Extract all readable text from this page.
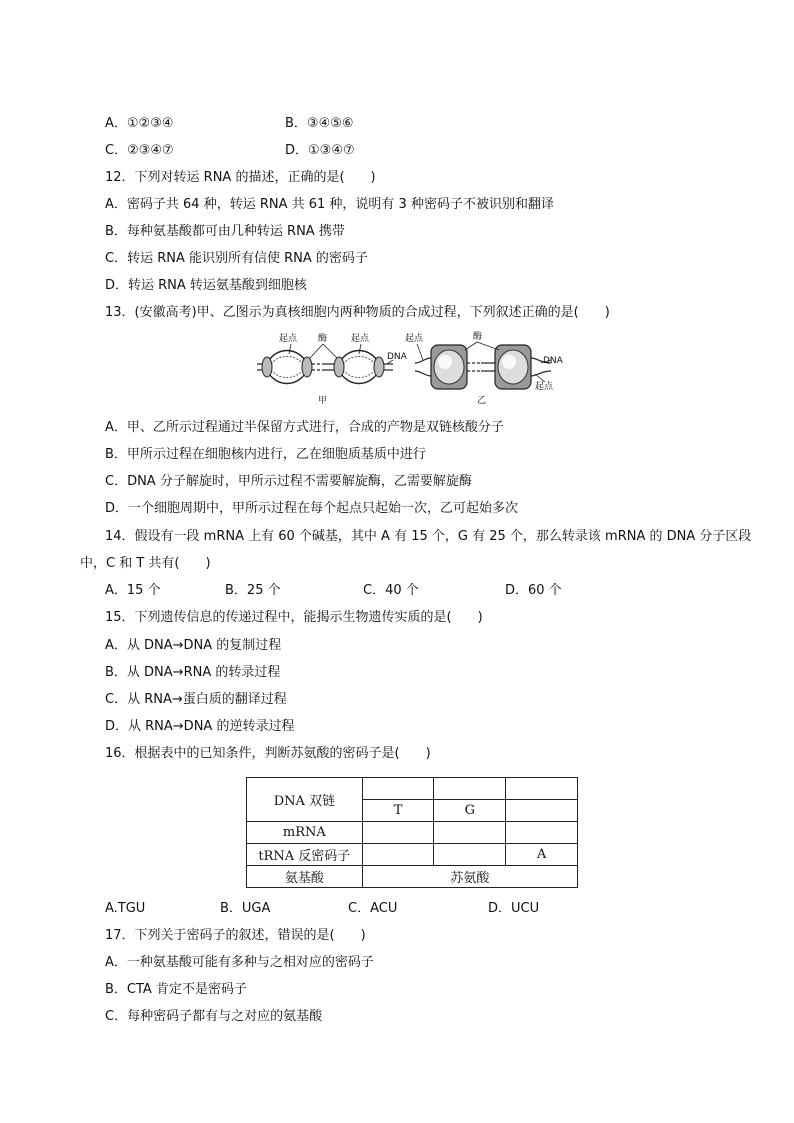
A．①②③④	B．③④⑤⑥
C．②③④⑦	D．①③④⑦
12．下列对转运 RNA 的描述，正确的是(　　)
A．密码子共 64 种，转运 RNA 共 61 种，说明有 3 种密码子不被识别和翻译
B．每种氨基酸都可由几种转运 RNA 携带
C．转运 RNA 能识别所有信使 RNA 的密码子
D．转运 RNA 转运氨基酸到细胞核
13．(安徽高考)甲、乙图示为真核细胞内两种物质的合成过程，下列叙述正确的是(　　)
起点 酶	起点
DNA
甲
起点	酶
DNA
起点
乙
A．甲、乙所示过程通过半保留方式进行，合成的产物是双链核酸分子
B．甲所示过程在细胞核内进行，乙在细胞质基质中进行
C．DNA 分子解旋时，甲所示过程不需要解旋酶，乙需要解旋酶
D．一个细胞周期中，甲所示过程在每个起点只起始一次，乙可起始多次
14．假设有一段 mRNA 上有 60 个碱基，其中 A 有 15 个，G 有 25 个，那么转录该 mRNA 的 DNA 分子区段
中，C 和 T 共有(　　)
A．15 个	B．25 个	C．40 个	D．60 个
15．下列遗传信息的传递过程中，能揭示生物遗传实质的是(　　)
A．从 DNA→DNA 的复制过程
B．从 DNA→RNA 的转录过程
C．从 RNA→蛋白质的翻译过程
D．从 RNA→DNA 的逆转录过程
16．根据表中的已知条件，判断苏氨酸的密码子是(　　)
DNA 双链			
	T	G	
mRNA			
tRNA 反密码子			A
氨基酸	苏氨酸		
A.TGU	B．UGA	C．ACU	D．UCU
17．下列关于密码子的叙述，错误的是(　　)
A．一种氨基酸可能有多种与之相对应的密码子
B．CTA 肯定不是密码子
C．每种密码子都有与之对应的氨基酸
